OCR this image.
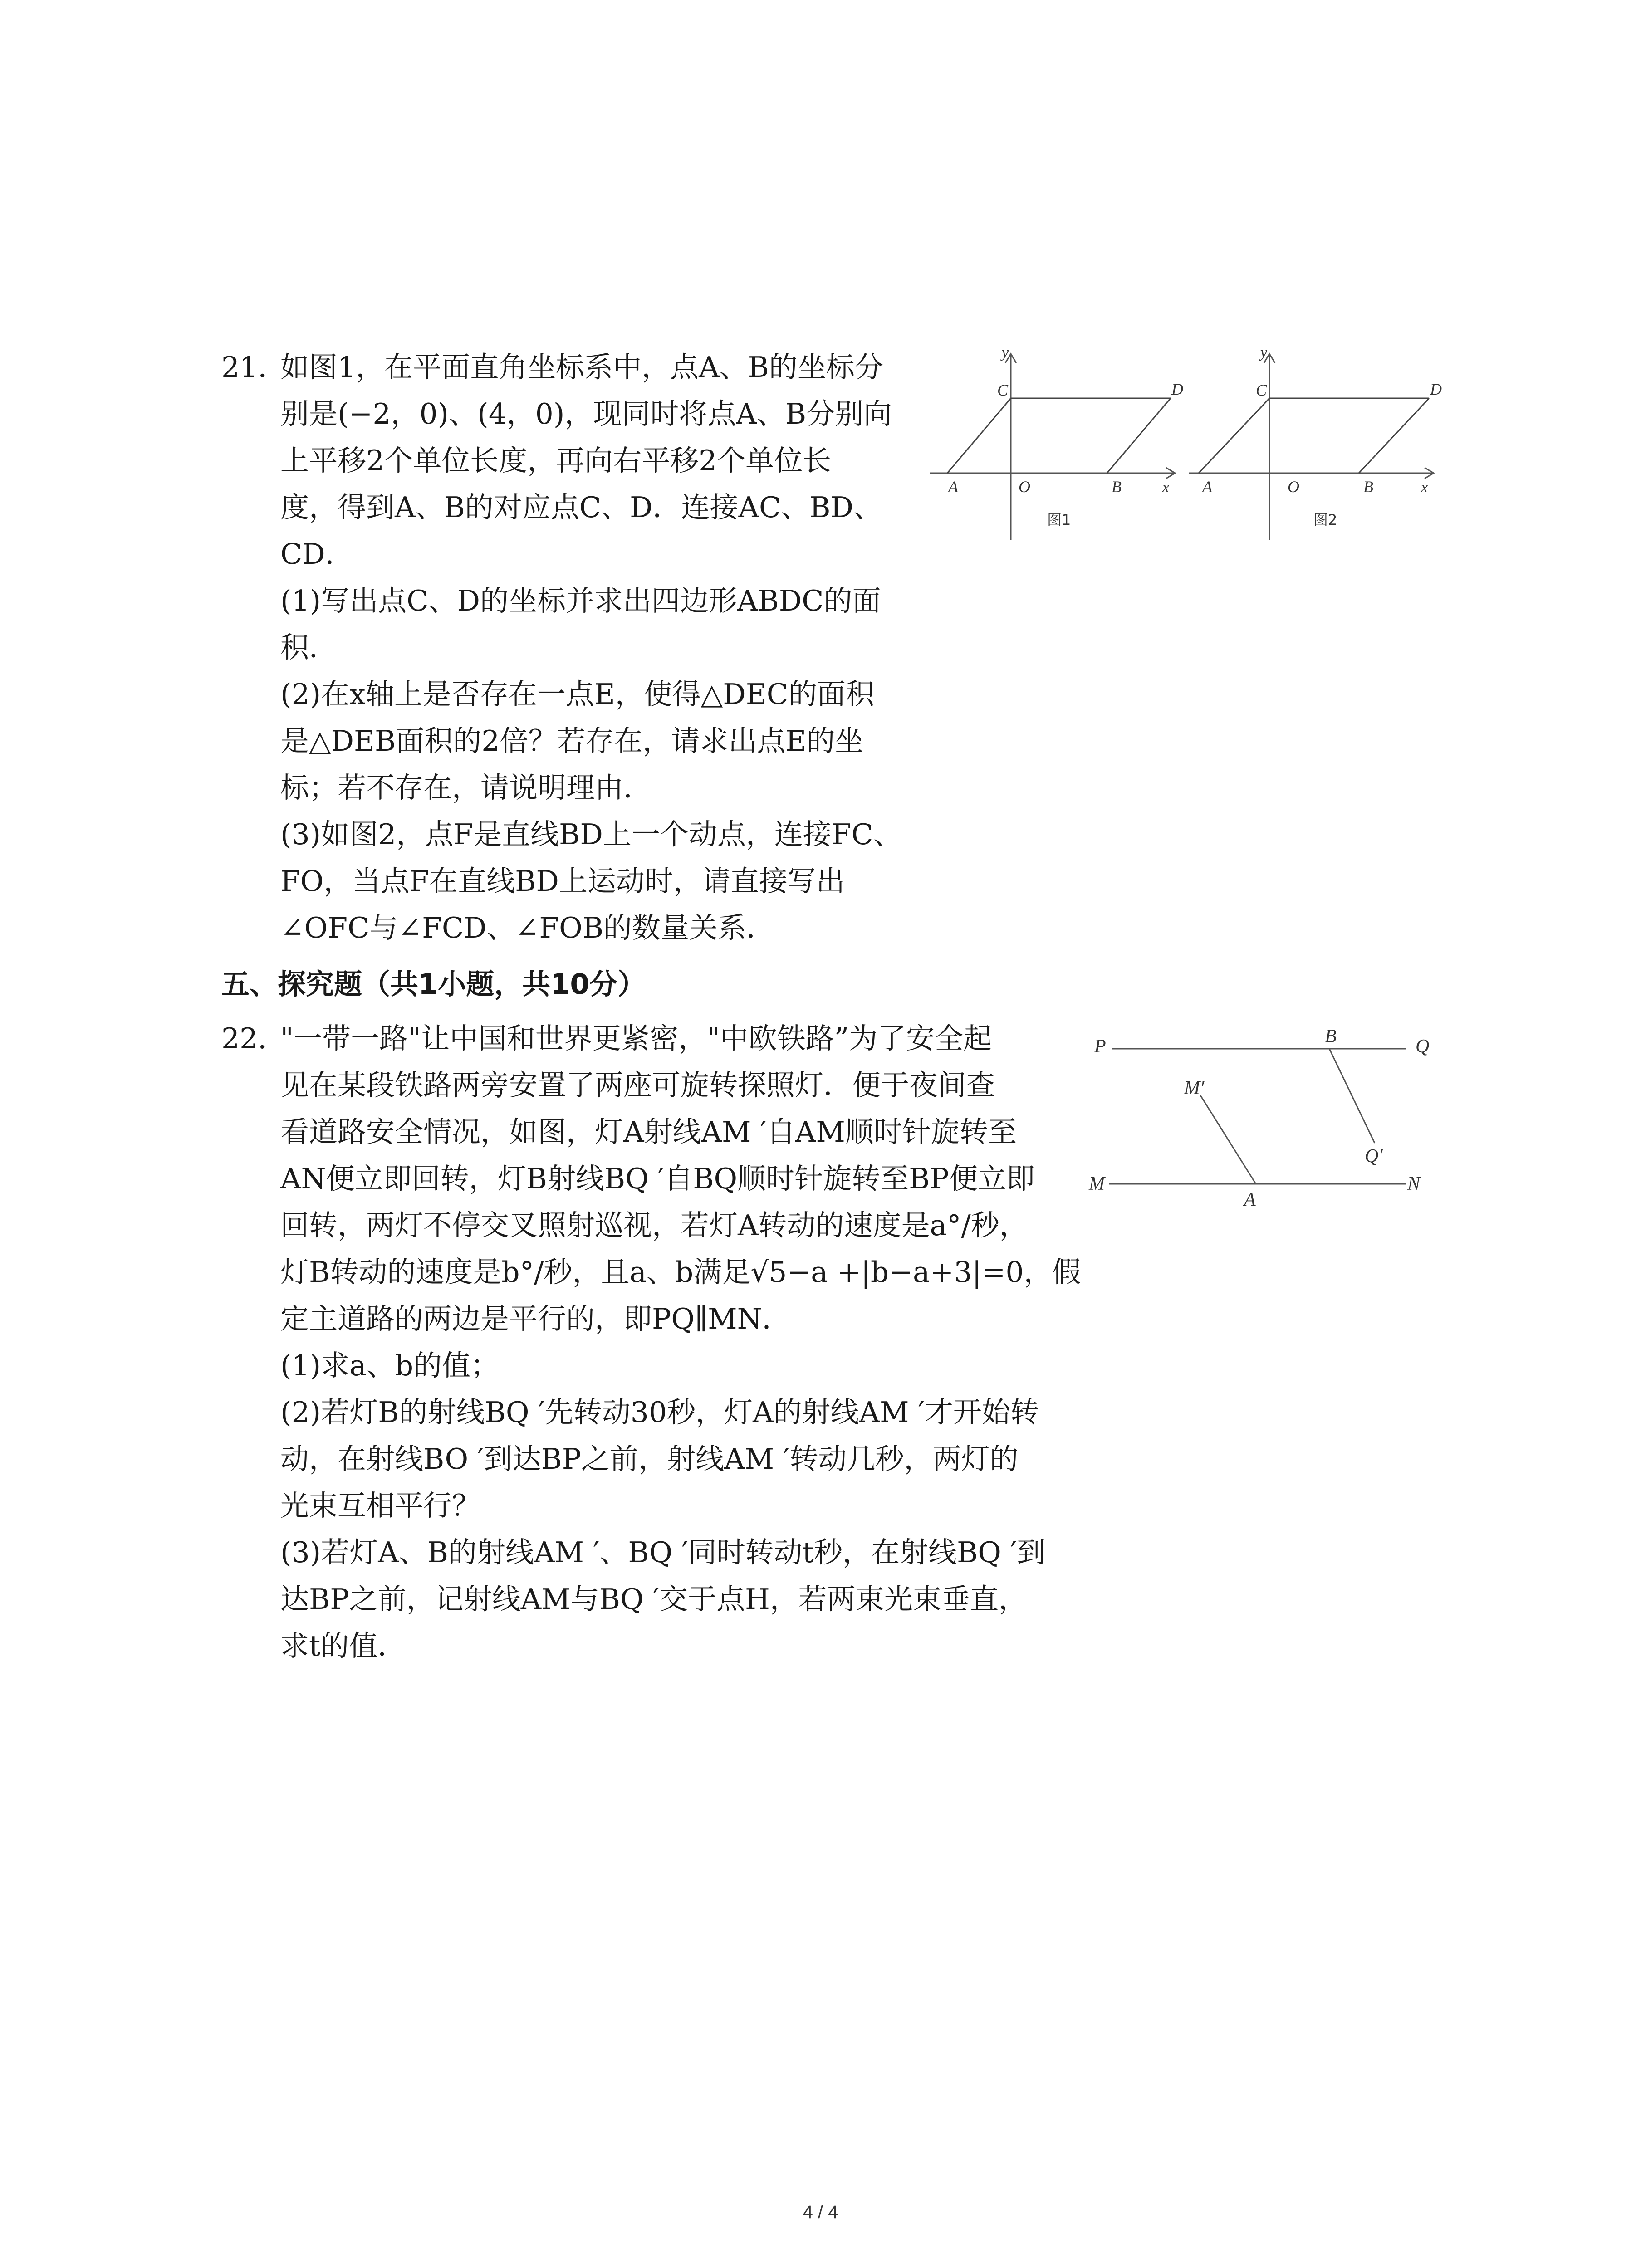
21. 如图1，在平面直角坐标系中，点A、B的坐标分
别是(−2，0)、(4，0)，现同时将点A、B分别向
上平移2个单位长度，再向右平移2个单位长
度，得到A、B的对应点C、D．连接AC、BD、
CD．
(1)写出点C、D的坐标并求出四边形ABDC的面
积．
(2)在x轴上是否存在一点E，使得△DEC的面积
是△DEB面积的2倍？若存在，请求出点E的坐
标；若不存在，请说明理由．
(3)如图2，点F是直线BD上一个动点，连接FC、
FO，当点F在直线BD上运动时，请直接写出
∠OFC与∠FCD、∠FOB的数量关系．
y
C	D
A	O	B	x
图1
y
C	D
A	O	B	x
图2
五、探究题（共1小题，共10分）
22. "一带一路"让中国和世界更紧密，"中欧铁路”为了安全起
见在某段铁路两旁安置了两座可旋转探照灯．便于夜间查
看道路安全情况，如图，灯A射线AM ′自AM顺时针旋转至
AN便立即回转，灯B射线BQ ′自BQ顺时针旋转至BP便立即
回转，两灯不停交叉照射巡视，若灯A转动的速度是a°/秒，
灯B转动的速度是b°/秒，且a、b满足√5−a +|b−a+3|=0，假
定主道路的两边是平行的，即PQ∥MN．
(1)求a、b的值；
(2)若灯B的射线BQ ′先转动30秒，灯A的射线AM ′才开始转
动，在射线BO ′到达BP之前，射线AM ′转动几秒，两灯的
光束互相平行？
(3)若灯A、B的射线AM ′、BQ ′同时转动t秒，在射线BQ ′到
达BP之前，记射线AM与BQ ′交于点H，若两束光束垂直，
求t的值．
P	B	Q
M′
Q′
M
A
N
4 / 4
